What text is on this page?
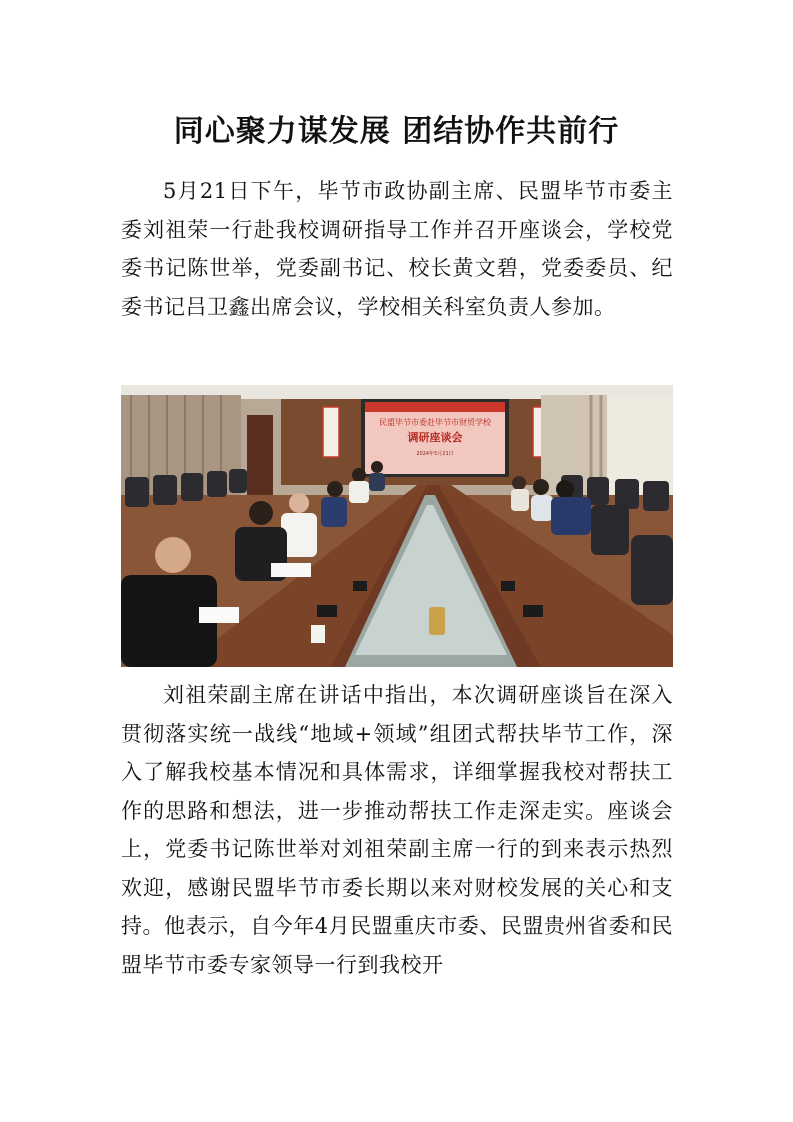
同心聚力谋发展 团结协作共前行

5月21日下午，毕节市政协副主席、民盟毕节市委主委刘祖荣一行赴我校调研指导工作并召开座谈会，学校党委书记陈世举，党委副书记、校长黄文碧，党委委员、纪委书记吕卫鑫出席会议，学校相关科室负责人参加。

民盟毕节市委赴毕节市财贸学校
调研座谈会
2024年5月21日

刘祖荣副主席在讲话中指出，本次调研座谈旨在深入贯彻落实统一战线“地域+领域”组团式帮扶毕节工作，深入了解我校基本情况和具体需求，详细掌握我校对帮扶工作的思路和想法，进一步推动帮扶工作走深走实。座谈会上，党委书记陈世举对刘祖荣副主席一行的到来表示热烈欢迎，感谢民盟毕节市委长期以来对财校发展的关心和支持。他表示，自今年4月民盟重庆市委、民盟贵州省委和民盟毕节市委专家领导一行到我校开
